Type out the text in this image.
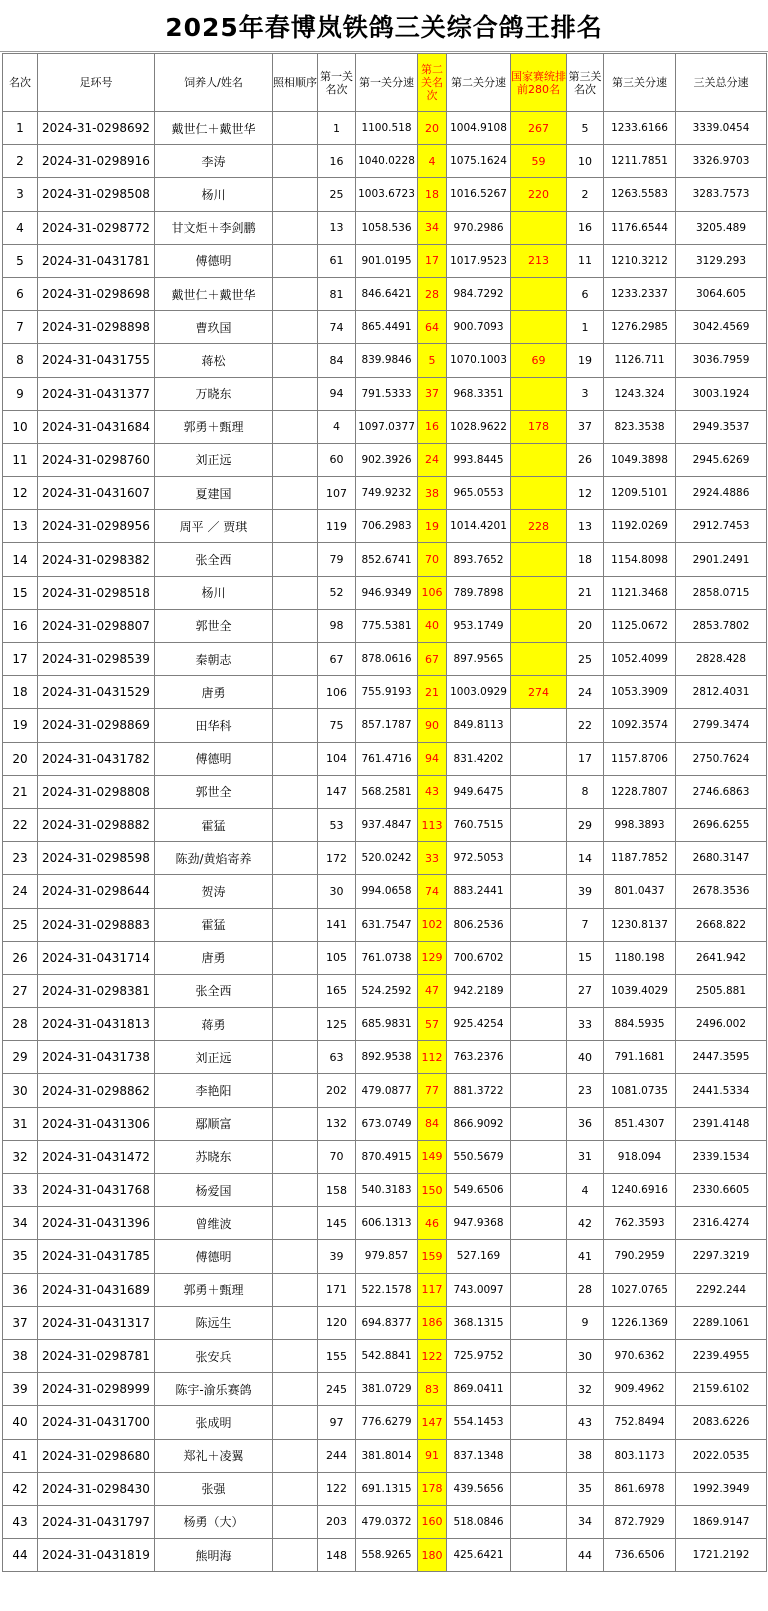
2025年春博岚铁鸽三关综合鸽王排名
名次	足环号	饲养人/姓名	照相顺序	第一关名次	第一关分速	第二关名次	第二关分速	国家赛统排前280名	第三关名次	第三关分速	三关总分速
1	2024-31-0298692	戴世仁＋戴世华		1	1100.518	20	1004.9108	267	5	1233.6166	3339.0454
2	2024-31-0298916	李涛		16	1040.0228	4	1075.1624	59	10	1211.7851	3326.9703
3	2024-31-0298508	杨川		25	1003.6723	18	1016.5267	220	2	1263.5583	3283.7573
4	2024-31-0298772	甘文炬＋李剑鹏		13	1058.536	34	970.2986		16	1176.6544	3205.489
5	2024-31-0431781	傅德明		61	901.0195	17	1017.9523	213	11	1210.3212	3129.293
6	2024-31-0298698	戴世仁＋戴世华		81	846.6421	28	984.7292		6	1233.2337	3064.605
7	2024-31-0298898	曹玖国		74	865.4491	64	900.7093		1	1276.2985	3042.4569
8	2024-31-0431755	蒋松		84	839.9846	5	1070.1003	69	19	1126.711	3036.7959
9	2024-31-0431377	万晓东		94	791.5333	37	968.3351		3	1243.324	3003.1924
10	2024-31-0431684	郭勇＋甄理		4	1097.0377	16	1028.9622	178	37	823.3538	2949.3537
11	2024-31-0298760	刘正远		60	902.3926	24	993.8445		26	1049.3898	2945.6269
12	2024-31-0431607	夏建国		107	749.9232	38	965.0553		12	1209.5101	2924.4886
13	2024-31-0298956	周平 ／ 贾琪		119	706.2983	19	1014.4201	228	13	1192.0269	2912.7453
14	2024-31-0298382	张全西		79	852.6741	70	893.7652		18	1154.8098	2901.2491
15	2024-31-0298518	杨川		52	946.9349	106	789.7898		21	1121.3468	2858.0715
16	2024-31-0298807	郭世全		98	775.5381	40	953.1749		20	1125.0672	2853.7802
17	2024-31-0298539	秦朝志		67	878.0616	67	897.9565		25	1052.4099	2828.428
18	2024-31-0431529	唐勇		106	755.9193	21	1003.0929	274	24	1053.3909	2812.4031
19	2024-31-0298869	田华科		75	857.1787	90	849.8113		22	1092.3574	2799.3474
20	2024-31-0431782	傅德明		104	761.4716	94	831.4202		17	1157.8706	2750.7624
21	2024-31-0298808	郭世全		147	568.2581	43	949.6475		8	1228.7807	2746.6863
22	2024-31-0298882	霍猛		53	937.4847	113	760.7515		29	998.3893	2696.6255
23	2024-31-0298598	陈劲/黄焰寄养		172	520.0242	33	972.5053		14	1187.7852	2680.3147
24	2024-31-0298644	贺涛		30	994.0658	74	883.2441		39	801.0437	2678.3536
25	2024-31-0298883	霍猛		141	631.7547	102	806.2536		7	1230.8137	2668.822
26	2024-31-0431714	唐勇		105	761.0738	129	700.6702		15	1180.198	2641.942
27	2024-31-0298381	张全西		165	524.2592	47	942.2189		27	1039.4029	2505.881
28	2024-31-0431813	蒋勇		125	685.9831	57	925.4254		33	884.5935	2496.002
29	2024-31-0431738	刘正远		63	892.9538	112	763.2376		40	791.1681	2447.3595
30	2024-31-0298862	李艳阳		202	479.0877	77	881.3722		23	1081.0735	2441.5334
31	2024-31-0431306	鄢顺富		132	673.0749	84	866.9092		36	851.4307	2391.4148
32	2024-31-0431472	苏晓东		70	870.4915	149	550.5679		31	918.094	2339.1534
33	2024-31-0431768	杨爱国		158	540.3183	150	549.6506		4	1240.6916	2330.6605
34	2024-31-0431396	曾维波		145	606.1313	46	947.9368		42	762.3593	2316.4274
35	2024-31-0431785	傅德明		39	979.857	159	527.169		41	790.2959	2297.3219
36	2024-31-0431689	郭勇＋甄理		171	522.1578	117	743.0097		28	1027.0765	2292.244
37	2024-31-0431317	陈远生		120	694.8377	186	368.1315		9	1226.1369	2289.1061
38	2024-31-0298781	张安兵		155	542.8841	122	725.9752		30	970.6362	2239.4955
39	2024-31-0298999	陈宇-渝乐赛鸽		245	381.0729	83	869.0411		32	909.4962	2159.6102
40	2024-31-0431700	张成明		97	776.6279	147	554.1453		43	752.8494	2083.6226
41	2024-31-0298680	郑礼＋凌翼		244	381.8014	91	837.1348		38	803.1173	2022.0535
42	2024-31-0298430	张强		122	691.1315	178	439.5656		35	861.6978	1992.3949
43	2024-31-0431797	杨勇（大）		203	479.0372	160	518.0846		34	872.7929	1869.9147
44	2024-31-0431819	熊明海		148	558.9265	180	425.6421		44	736.6506	1721.2192
